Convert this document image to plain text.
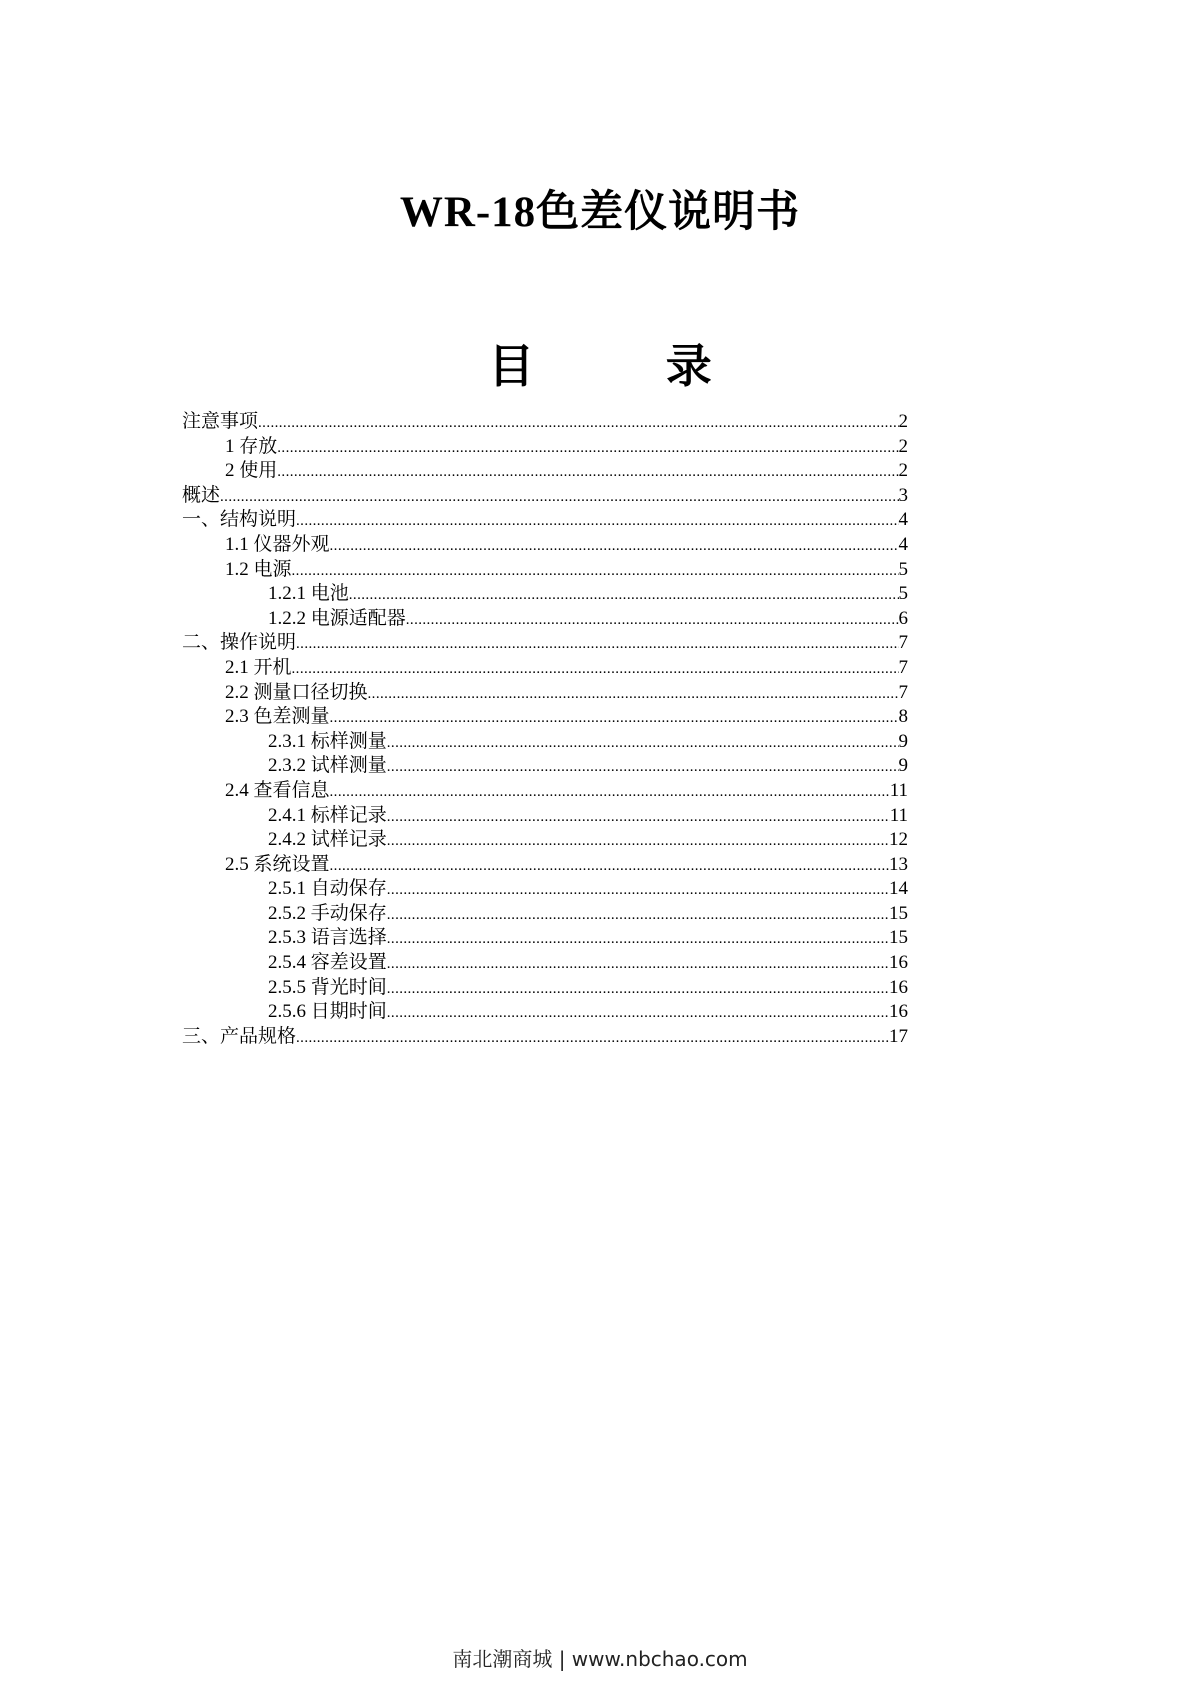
WR-18色差仪说明书
目 录
注意事项 .....	2
1 存放 .....	2
2 使用 .....	2
概述 .....	3
一、结构说明 .....	4
1.1 仪器外观 .....	4
1.2 电源 .....	5
1.2.1 电池 .....	5
1.2.2 电源适配器 .....	6
二、操作说明 .....	7
2.1 开机 .....	7
2.2 测量口径切换 .....	7
2.3 色差测量 .....	8
2.3.1 标样测量 .....	9
2.3.2 试样测量 .....	9
2.4 查看信息 .....	11
2.4.1 标样记录 .....	11
2.4.2 试样记录 .....	12
2.5 系统设置 .....	13
2.5.1 自动保存 .....	14
2.5.2 手动保存 .....	15
2.5.3 语言选择 .....	15
2.5.4 容差设置 .....	16
2.5.5 背光时间 .....	16
2.5.6 日期时间 .....	16
三、产品规格 .....	17
南北潮商城 | www.nbchao.com
